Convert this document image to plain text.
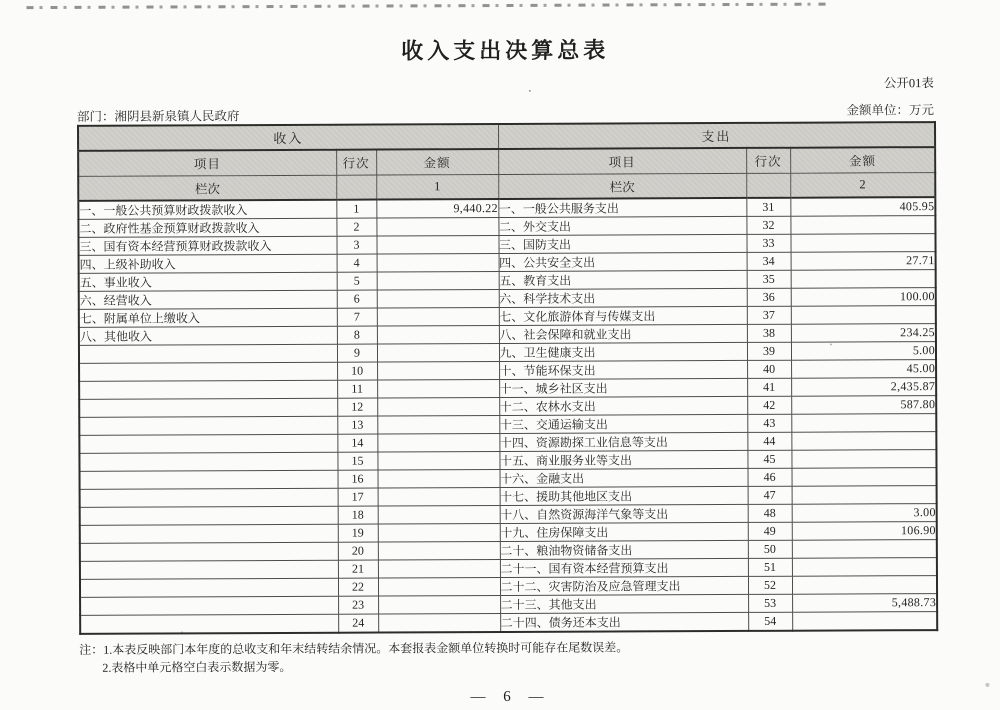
收入支出决算总表
公开01表
部门：湘阴县新泉镇人民政府	金额单位：万元
收入			支出		
项目	行次	金额	项目	行次	金额
栏次		1	栏次		2
一、一般公共预算财政拨款收入	1	9,440.22	一、一般公共服务支出	31	405.95
二、政府性基金预算财政拨款收入	2		二、外交支出	32	
三、国有资本经营预算财政拨款收入	3		三、国防支出	33	
四、上级补助收入	4		四、公共安全支出	34	27.71
五、事业收入	5		五、教育支出	35	
六、经营收入	6		六、科学技术支出	36	100.00
七、附属单位上缴收入	7		七、文化旅游体育与传媒支出	37	
八、其他收入	8		八、社会保障和就业支出	38	234.25
	9		九、卫生健康支出	39	5.00
	10		十、节能环保支出	40	45.00
	11		十一、城乡社区支出	41	2,435.87
	12		十二、农林水支出	42	587.80
	13		十三、交通运输支出	43	
	14		十四、资源勘探工业信息等支出	44	
	15		十五、商业服务业等支出	45	
	16		十六、金融支出	46	
	17		十七、援助其他地区支出	47	
	18		十八、自然资源海洋气象等支出	48	3.00
	19		十九、住房保障支出	49	106.90
	20		二十、粮油物资储备支出	50	
	21		二十一、国有资本经营预算支出	51	
	22		二十二、灾害防治及应急管理支出	52	
	23		二十三、其他支出	53	5,488.73
	24		二十四、债务还本支出	54	
注：1.本表反映部门本年度的总收支和年末结转结余情况。本套报表金额单位转换时可能存在尾数误差。
2.表格中单元格空白表示数据为零。
— 6 —
